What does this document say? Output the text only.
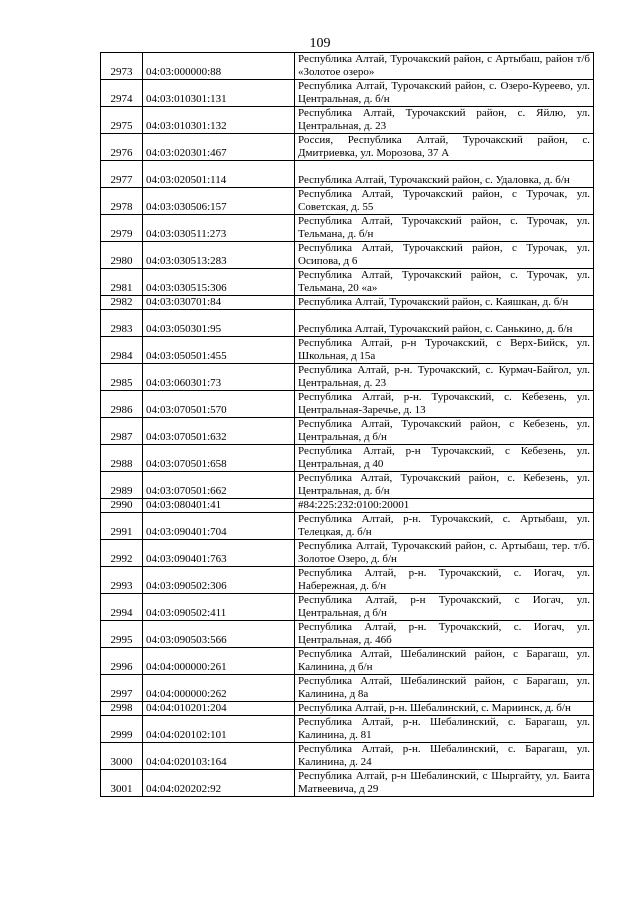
109
2973	04:03:000000:88	Республика Алтай, Турочакский район, с Артыбаш, район т/б «Золотое озеро»
2974	04:03:010301:131	Республика Алтай, Турочакский район, с. Озеро-Куреево, ул. Центральная, д. б/н
2975	04:03:010301:132	Республика Алтай, Турочакский район, с. Яйлю, ул. Центральная, д. 23
2976	04:03:020301:467	Россия, Республика Алтай, Турочакский район, с. Дмитриевка, ул. Морозова, 37 А
2977	04:03:020501:114	Республика Алтай, Турочакский район, с. Удаловка, д. б/н
2978	04:03:030506:157	Республика Алтай, Турочакский район, с Турочак, ул. Советская, д. 55
2979	04:03:030511:273	Республика Алтай, Турочакский район, с. Турочак, ул. Тельмана, д. б/н
2980	04:03:030513:283	Республика Алтай, Турочакский район, с Турочак, ул. Осипова, д 6
2981	04:03:030515:306	Республика Алтай, Турочакский район, с. Турочак, ул. Тельмана, 20 «а»
2982	04:03:030701:84	Республика Алтай, Турочакский район, с. Каяшкан, д. б/н
2983	04:03:050301:95	Республика Алтай, Турочакский район, с. Санькино, д. б/н
2984	04:03:050501:455	Республика Алтай, р-н Турочакский, с Верх-Бийск, ул. Школьная, д 15а
2985	04:03:060301:73	Республика Алтай, р-н. Турочакский, с. Курмач-Байгол, ул. Центральная, д. 23
2986	04:03:070501:570	Республика Алтай, р-н. Турочакский, с. Кебезень, ул. Центральная-Заречье, д. 13
2987	04:03:070501:632	Республика Алтай, Турочакский район, с Кебезень, ул. Центральная, д б/н
2988	04:03:070501:658	Республика Алтай, р-н Турочакский, с Кебезень, ул. Центральная, д 40
2989	04:03:070501:662	Республика Алтай, Турочакский район, с. Кебезень, ул. Центральная, д. б/н
2990	04:03:080401:41	#84:225:232:0100:20001
2991	04:03:090401:704	Республика Алтай, р-н. Турочакский, с. Артыбаш, ул. Телецкая, д. б/н
2992	04:03:090401:763	Республика Алтай, Турочакский район, с. Артыбаш, тер. т/б. Золотое Озеро, д. б/н
2993	04:03:090502:306	Республика Алтай, р-н. Турочакский, с. Иогач, ул. Набережная, д. б/н
2994	04:03:090502:411	Республика Алтай, р-н Турочакский, с Иогач, ул. Центральная, д б/н
2995	04:03:090503:566	Республика Алтай, р-н. Турочакский, с. Иогач, ул. Центральная, д. 46б
2996	04:04:000000:261	Республика Алтай, Шебалинский район, с Барагаш, ул. Калинина, д б/н
2997	04:04:000000:262	Республика Алтай, Шебалинский район, с Барагаш, ул. Калинина, д 8а
2998	04:04:010201:204	Республика Алтай, р-н. Шебалинский, с. Мариинск, д. б/н
2999	04:04:020102:101	Республика Алтай, р-н. Шебалинский, с. Барагаш, ул. Калинина, д. 81
3000	04:04:020103:164	Республика Алтай, р-н. Шебалинский, с. Барагаш, ул. Калинина, д. 24
3001	04:04:020202:92	Республика Алтай, р-н Шебалинский, с Шыргайту, ул. Баита Матвеевича, д 29
